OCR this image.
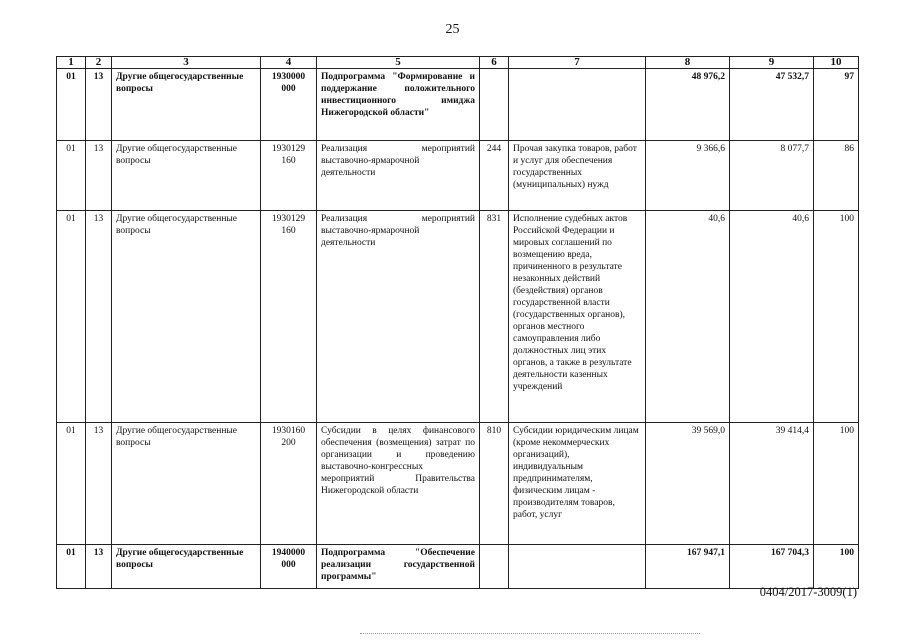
25
1	2	3	4	5	6	7	8	9	10
01	13	Другие общегосударственные вопросы	1930000 000	Подпрограмма "Формирование и поддержание положительного инвестиционного имиджа Нижегородской области"			48 976,2	47 532,7	97
01	13	Другие общегосударственные вопросы	1930129 160	Реализация мероприятий выставочно-ярмарочной деятельности	244	Прочая закупка товаров, работ и услуг для обеспечения государственных (муниципальных) нужд	9 366,6	8 077,7	86
01	13	Другие общегосударственные вопросы	1930129 160	Реализация мероприятий выставочно-ярмарочной деятельности	831	Исполнение судебных актов Российской Федерации и мировых соглашений по возмещению вреда, причиненного в результате незаконных действий (бездействия) органов государственной власти (государственных органов), органов местного самоуправления либо должностных лиц этих органов, а также в результате деятельности казенных учреждений	40,6	40,6	100
01	13	Другие общегосударственные вопросы	1930160 200	Субсидии в целях финансового обеспечения (возмещения) затрат по организации и проведению выставочно-конгрессных мероприятий Правительства Нижегородской области	810	Субсидии юридическим лицам (кроме некоммерческих организаций), индивидуальным предпринимателям, физическим лицам - производителям товаров, работ, услуг	39 569,0	39 414,4	100
01	13	Другие общегосударственные вопросы	1940000 000	Подпрограмма "Обеспечение реализации государственной программы"			167 947,1	167 704,3	100
0404/2017-3009(1)
